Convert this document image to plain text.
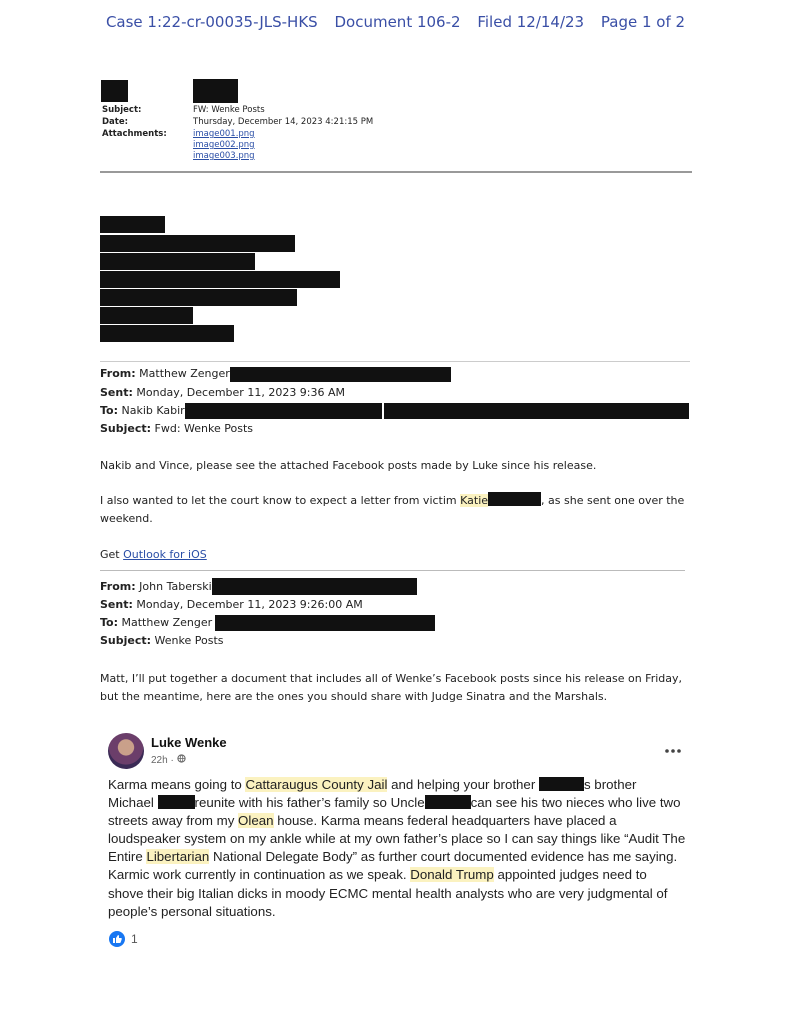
Case 1:22-cr-00035-JLS-HKS Document 106-2 Filed 12/14/23 Page 1 of 2
Subject:	FW: Wenke Posts
Date:	Thursday, December 14, 2023 4:21:15 PM
Attachments:	image001.png
image002.png
image003.png
From: Matthew Zenger
Sent: Monday, December 11, 2023 9:36 AM
To: Nakib Kabir
Subject: Fwd: Wenke Posts
Nakib and Vince, please see the attached Facebook posts made by Luke since his release.
I also wanted to let the court know to expect a letter from victim Katie	, as she sent one over the
weekend.
Get Outlook for iOS
From: John Taberski
Sent: Monday, December 11, 2023 9:26:00 AM
To: Matthew Zenger
Subject: Wenke Posts
Matt, I’ll put together a document that includes all of Wenke’s Facebook posts since his release on Friday,
but the meantime, here are the ones you should share with Judge Sinatra and the Marshals.
Luke Wenke
22h ·
Karma means going to Cattaraugus County Jail and helping your brother	s brother
Michael	reunite with his father’s family so Uncle	can see his two nieces who live two
streets away from my Olean house. Karma means federal headquarters have placed a
loudspeaker system on my ankle while at my own father’s place so I can say things like “Audit The
Entire Libertarian National Delegate Body” as further court documented evidence has me saying.
Karmic work currently in continuation as we speak. Donald Trump appointed judges need to
shove their big Italian dicks in moody ECMC mental health analysts who are very judgmental of
people’s personal situations.
1
